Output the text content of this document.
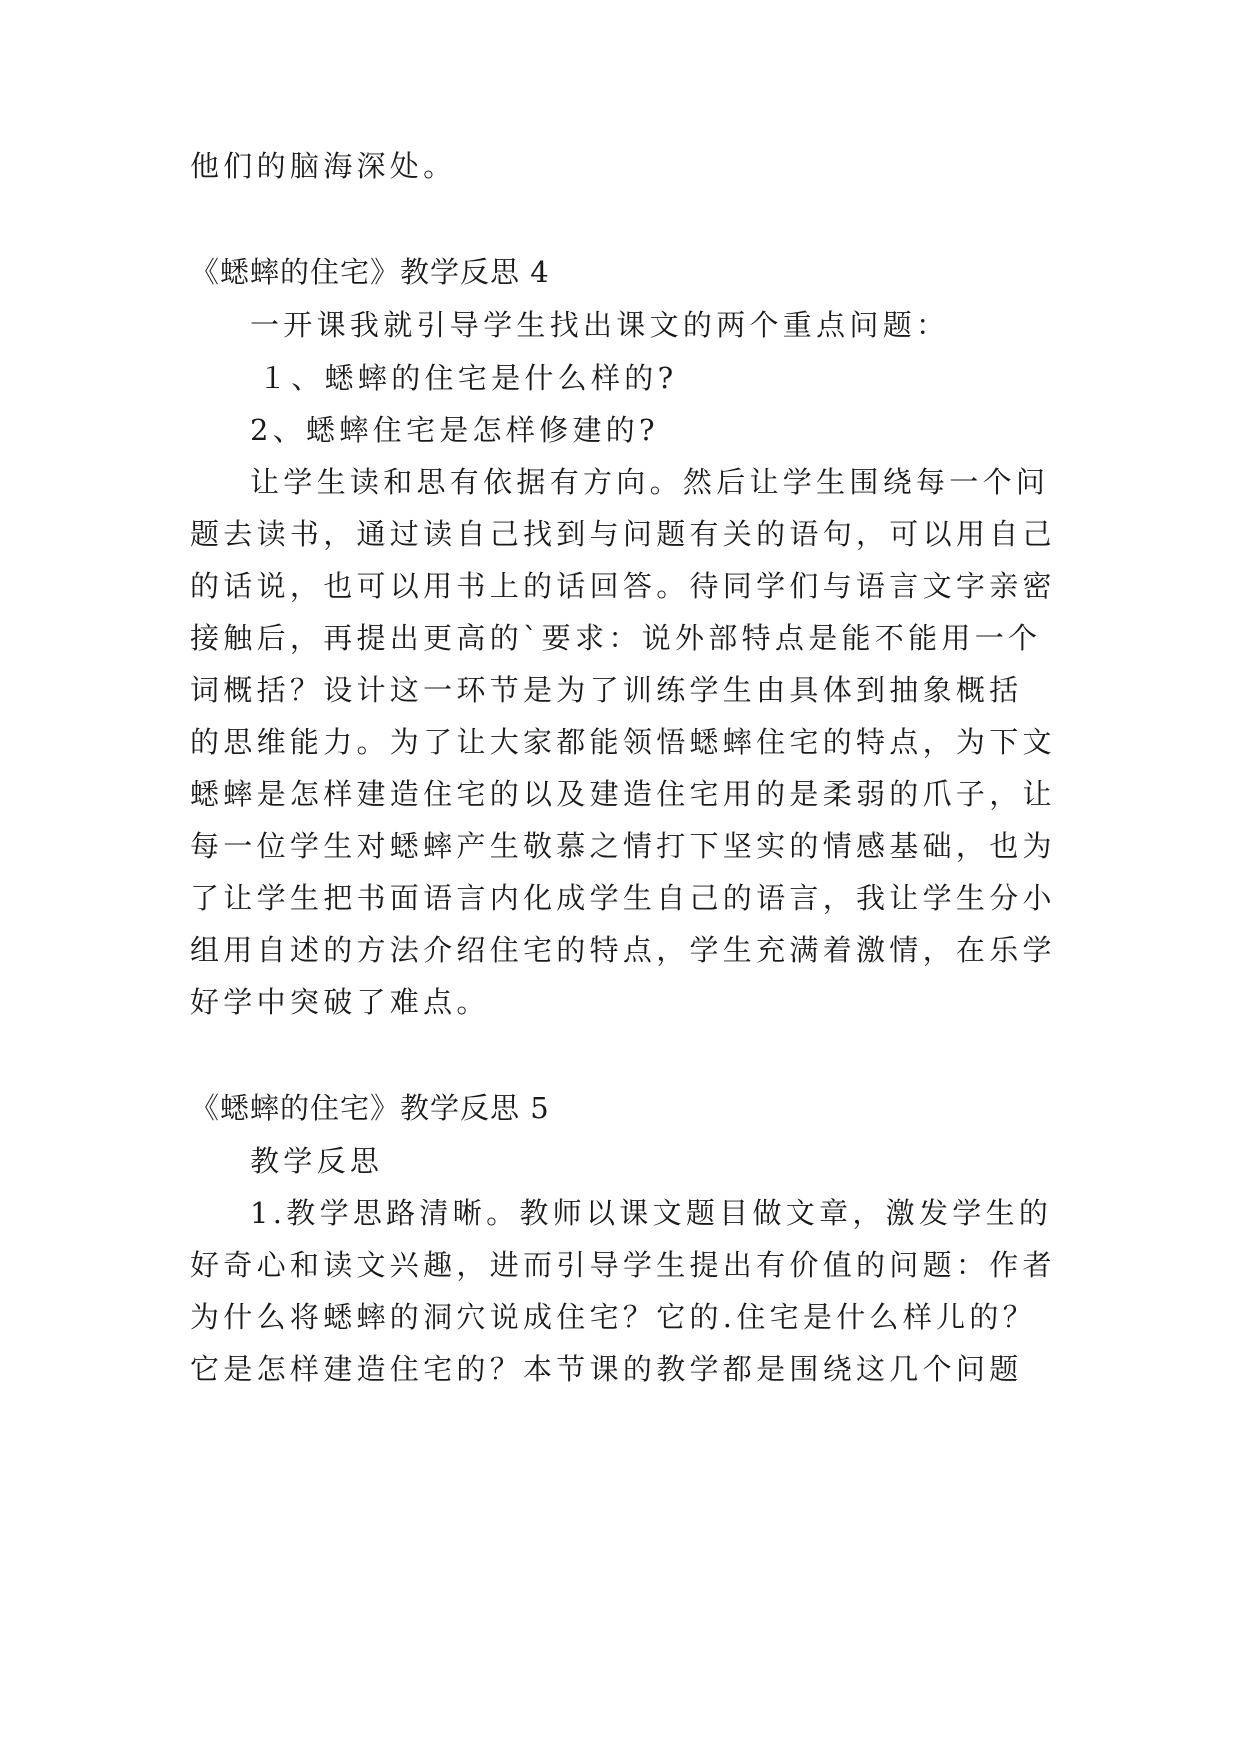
他们的脑海深处。
《蟋蟀的住宅》教学反思 4
一开课我就引导学生找出课文的两个重点问题：
１、蟋蟀的住宅是什么样的?
2、蟋蟀住宅是怎样修建的?
让学生读和思有依据有方向。然后让学生围绕每一个问
题去读书，通过读自己找到与问题有关的语句，可以用自己
的话说，也可以用书上的话回答。待同学们与语言文字亲密
接触后，再提出更高的`要求：说外部特点是能不能用一个
词概括？设计这一环节是为了训练学生由具体到抽象概括
的思维能力。为了让大家都能领悟蟋蟀住宅的特点，为下文
蟋蟀是怎样建造住宅的以及建造住宅用的是柔弱的爪子，让
每一位学生对蟋蟀产生敬慕之情打下坚实的情感基础，也为
了让学生把书面语言内化成学生自己的语言，我让学生分小
组用自述的方法介绍住宅的特点，学生充满着激情，在乐学
好学中突破了难点。
《蟋蟀的住宅》教学反思 5
教学反思
1.教学思路清晰。教师以课文题目做文章，激发学生的
好奇心和读文兴趣，进而引导学生提出有价值的问题：作者
为什么将蟋蟀的洞穴说成住宅？它的.住宅是什么样儿的？
它是怎样建造住宅的？本节课的教学都是围绕这几个问题
